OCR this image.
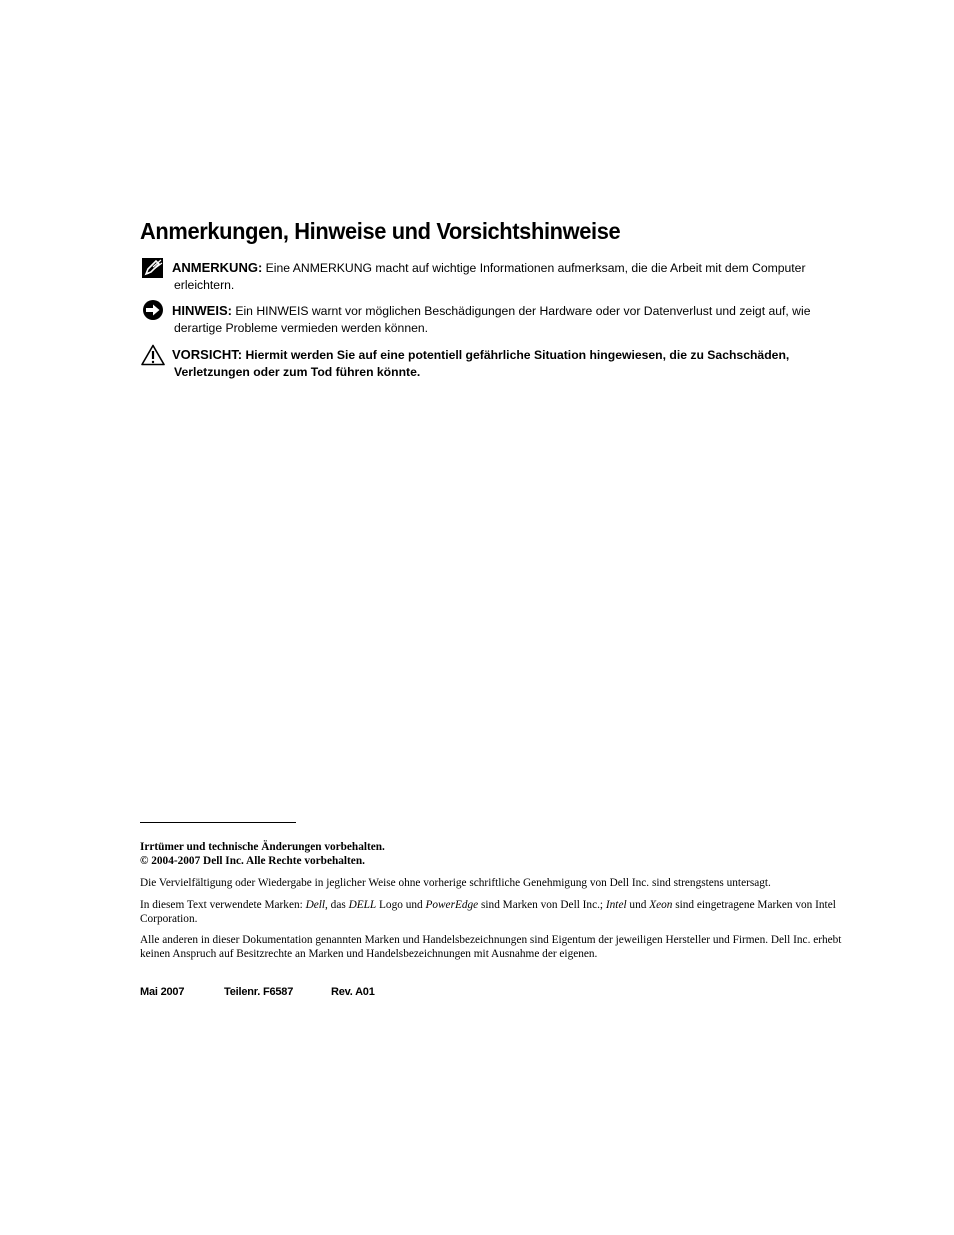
Anmerkungen, Hinweise und Vorsichtshinweise
ANMERKUNG: Eine ANMERKUNG macht auf wichtige Informationen aufmerksam, die die Arbeit mit dem Computer erleichtern.
HINWEIS: Ein HINWEIS warnt vor möglichen Beschädigungen der Hardware oder vor Datenverlust und zeigt auf, wie derartige Probleme vermieden werden können.
VORSICHT: Hiermit werden Sie auf eine potentiell gefährliche Situation hingewiesen, die zu Sachschäden, Verletzungen oder zum Tod führen könnte.

Irrtümer und technische Änderungen vorbehalten.

© 2004-2007 Dell Inc. Alle Rechte vorbehalten.

Die Vervielfältigung oder Wiedergabe in jeglicher Weise ohne vorherige schriftliche Genehmigung von Dell Inc. sind strengstens untersagt.

In diesem Text verwendete Marken: Dell, das DELL Logo und PowerEdge sind Marken von Dell Inc.; Intel und Xeon sind eingetragene Marken von Intel Corporation.

Alle anderen in dieser Dokumentation genannten Marken und Handelsbezeichnungen sind Eigentum der jeweiligen Hersteller und Firmen. Dell Inc. erhebt keinen Anspruch auf Besitzrechte an Marken und Handelsbezeichnungen mit Ausnahme der eigenen.

Mai 2007	Teilenr. F6587	Rev. A01
